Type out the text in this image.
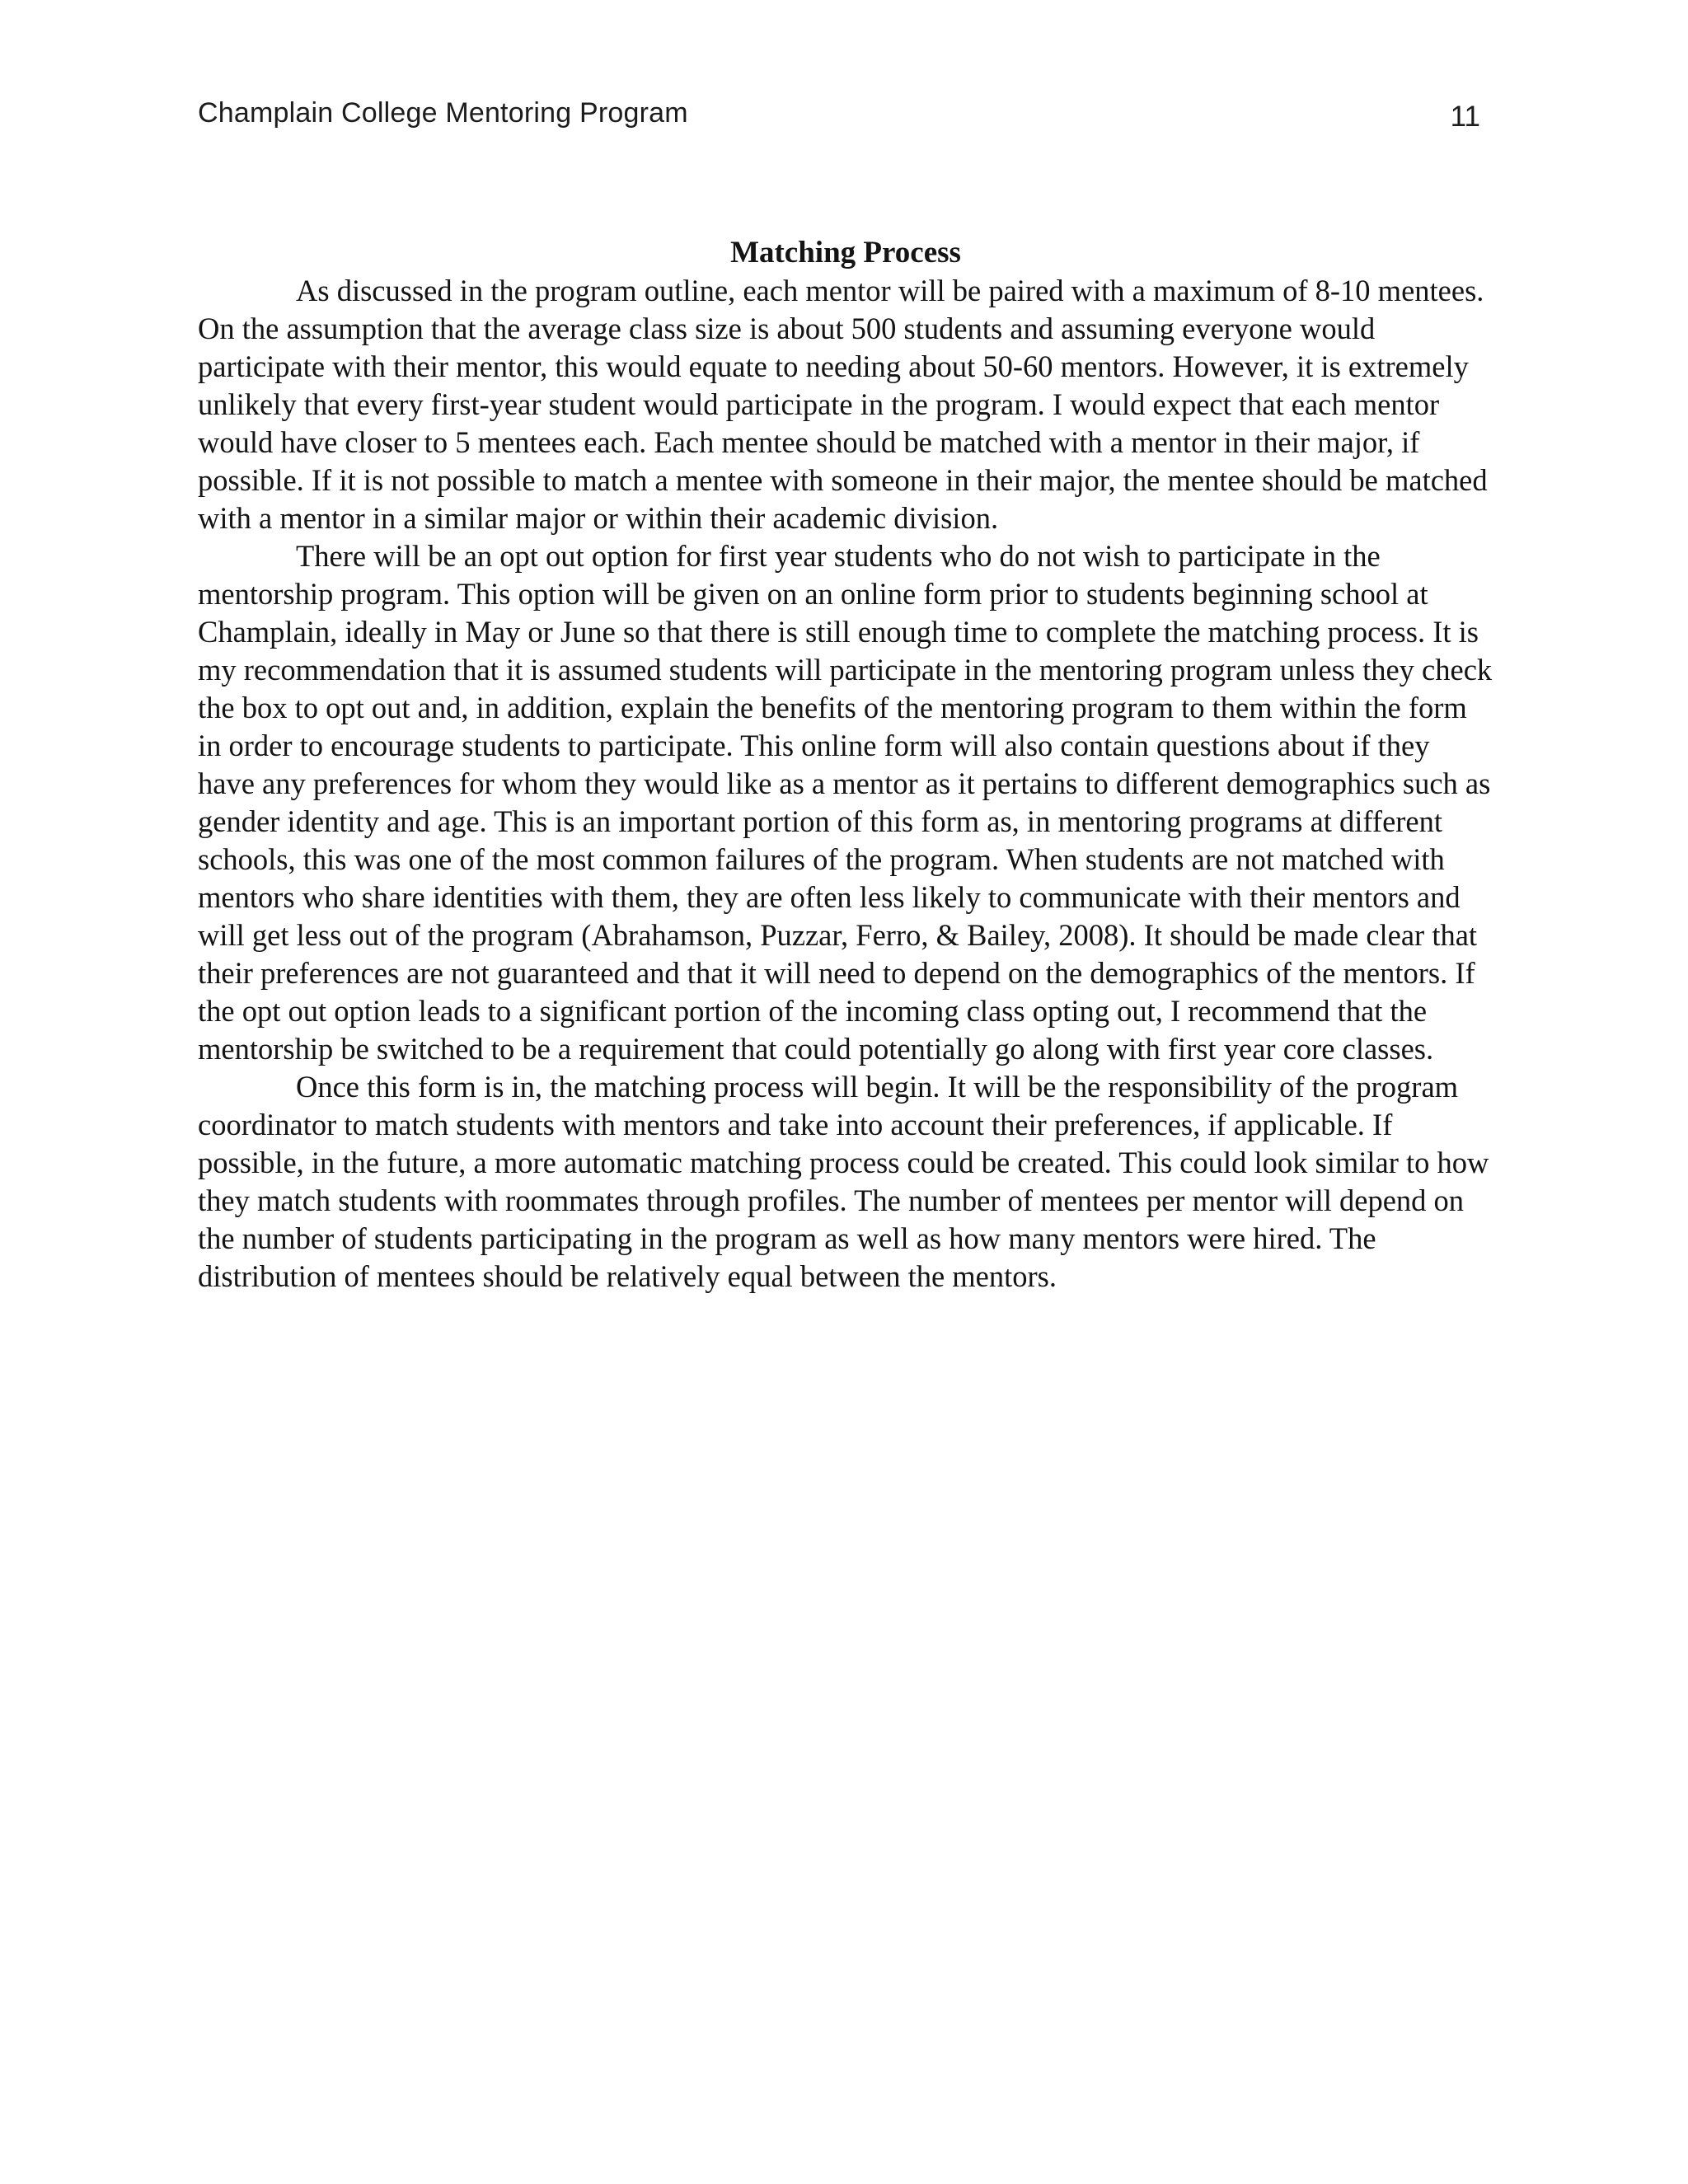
Champlain College Mentoring Program	11
Matching Process

As discussed in the program outline, each mentor will be paired with a maximum of 8-10 mentees. On the assumption that the average class size is about 500 students and assuming everyone would participate with their mentor, this would equate to needing about 50-60 mentors. However, it is extremely unlikely that every first-year student would participate in the program. I would expect that each mentor would have closer to 5 mentees each. Each mentee should be matched with a mentor in their major, if possible. If it is not possible to match a mentee with someone in their major, the mentee should be matched with a mentor in a similar major or within their academic division.

There will be an opt out option for first year students who do not wish to participate in the mentorship program. This option will be given on an online form prior to students beginning school at Champlain, ideally in May or June so that there is still enough time to complete the matching process. It is my recommendation that it is assumed students will participate in the mentoring program unless they check the box to opt out and, in addition, explain the benefits of the mentoring program to them within the form in order to encourage students to participate. This online form will also contain questions about if they have any preferences for whom they would like as a mentor as it pertains to different demographics such as gender identity and age. This is an important portion of this form as, in mentoring programs at different schools, this was one of the most common failures of the program. When students are not matched with mentors who share identities with them, they are often less likely to communicate with their mentors and will get less out of the program (Abrahamson, Puzzar, Ferro, & Bailey, 2008). It should be made clear that their preferences are not guaranteed and that it will need to depend on the demographics of the mentors. If the opt out option leads to a significant portion of the incoming class opting out, I recommend that the mentorship be switched to be a requirement that could potentially go along with first year core classes.

Once this form is in, the matching process will begin. It will be the responsibility of the program coordinator to match students with mentors and take into account their preferences, if applicable. If possible, in the future, a more automatic matching process could be created. This could look similar to how they match students with roommates through profiles. The number of mentees per mentor will depend on the number of students participating in the program as well as how many mentors were hired. The distribution of mentees should be relatively equal between the mentors.
